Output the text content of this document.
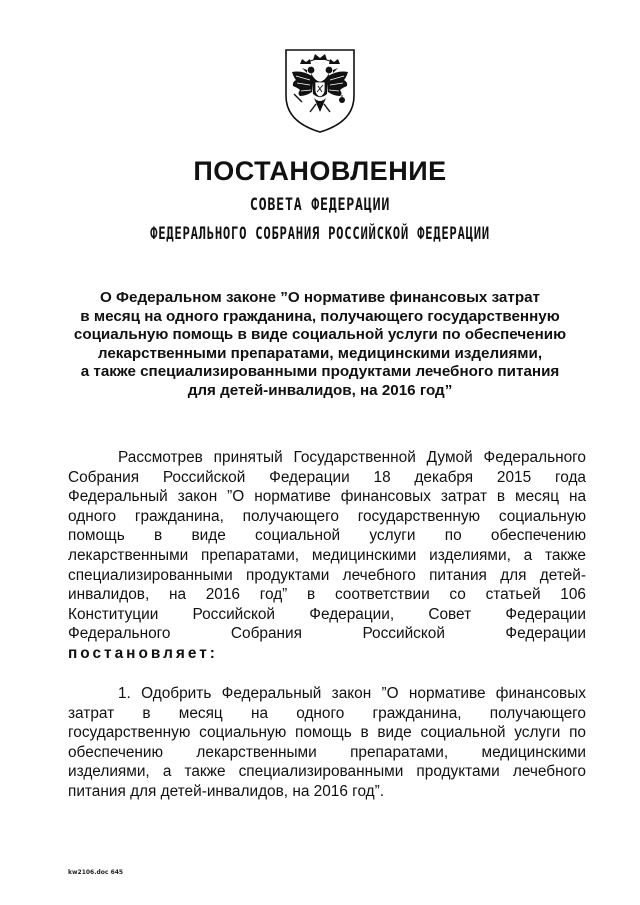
ПОСТАНОВЛЕНИЕ
СОВЕТА ФЕДЕРАЦИИ
ФЕДЕРАЛЬНОГО СОБРАНИЯ РОССИЙСКОЙ ФЕДЕРАЦИИ
О Федеральном законе ”О нормативе финансовых затрат
в месяц на одного гражданина, получающего государственную
социальную помощь в виде социальной услуги по обеспечению
лекарственными препаратами, медицинскими изделиями,
а также специализированными продуктами лечебного питания
для детей-инвалидов, на 2016 год”
Рассмотрев принятый Государственной Думой Федерального
Собрания Российской Федерации 18 декабря 2015 года
Федеральный закон ”О нормативе финансовых затрат в месяц на
одного гражданина, получающего государственную социальную
помощь в виде социальной услуги по обеспечению
лекарственными препаратами, медицинскими изделиями, а также
специализированными продуктами лечебного питания для детей-
инвалидов, на 2016 год” в соответствии со статьей 106
Конституции Российской Федерации, Совет Федерации
Федерального Собрания Российской Федерации
постановляет:
1. Одобрить Федеральный закон ”О нормативе финансовых
затрат в месяц на одного гражданина, получающего
государственную социальную помощь в виде социальной услуги по
обеспечению лекарственными препаратами, медицинскими
изделиями, а также специализированными продуктами лечебного
питания для детей-инвалидов, на 2016 год”.
kw2106.doc 645
